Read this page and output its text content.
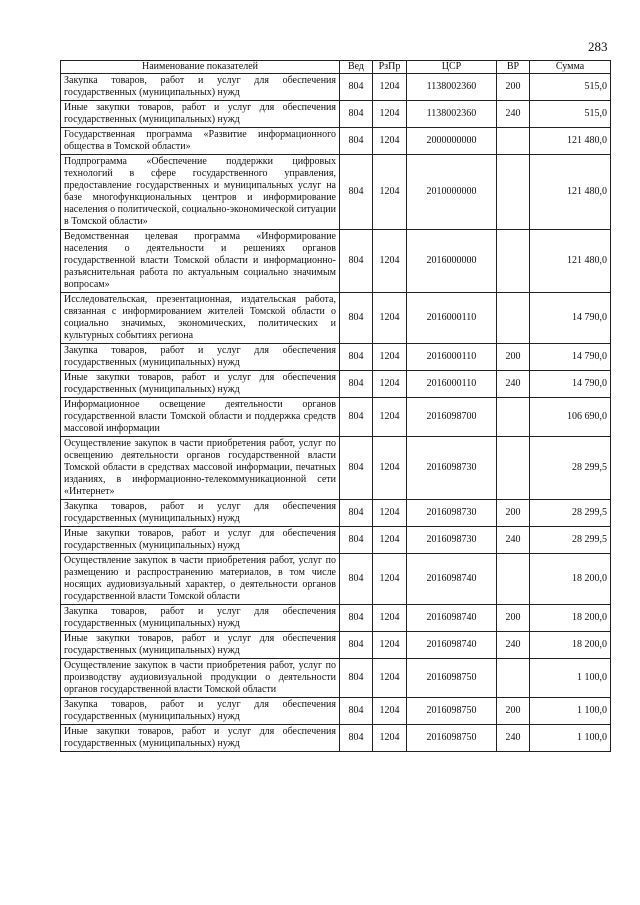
283
Наименование показателей	Вед	РзПр	ЦСР	ВР	Сумма
Закупка товаров, работ и услуг для обеспечения государственных (муниципальных) нужд	804	1204	1138002360	200	515,0
Иные закупки товаров, работ и услуг для обеспечения государственных (муниципальных) нужд	804	1204	1138002360	240	515,0
Государственная программа «Развитие информационного общества в Томской области»	804	1204	2000000000		121 480,0
Подпрограмма «Обеспечение поддержки цифровых технологий в сфере государственного управления, предоставление государственных и муниципальных услуг на базе многофункциональных центров и информирование населения о политической, социально-экономической ситуации в Томской области»	804	1204	2010000000		121 480,0
Ведомственная целевая программа «Информирование населения о деятельности и решениях органов государственной власти Томской области и информационно-разъяснительная работа по актуальным социально значимым вопросам»	804	1204	2016000000		121 480,0
Исследовательская, презентационная, издательская работа, связанная с информированием жителей Томской области о социально значимых, экономических, политических и культурных событиях региона	804	1204	2016000110		14 790,0
Закупка товаров, работ и услуг для обеспечения государственных (муниципальных) нужд	804	1204	2016000110	200	14 790,0
Иные закупки товаров, работ и услуг для обеспечения государственных (муниципальных) нужд	804	1204	2016000110	240	14 790,0
Информационное освещение деятельности органов государственной власти Томской области и поддержка средств массовой информации	804	1204	2016098700		106 690,0
Осуществление закупок в части приобретения работ, услуг по освещению деятельности органов государственной власти Томской области в средствах массовой информации, печатных изданиях, в информационно-телекоммуникационной сети «Интернет»	804	1204	2016098730		28 299,5
Закупка товаров, работ и услуг для обеспечения государственных (муниципальных) нужд	804	1204	2016098730	200	28 299,5
Иные закупки товаров, работ и услуг для обеспечения государственных (муниципальных) нужд	804	1204	2016098730	240	28 299,5
Осуществление закупок в части приобретения работ, услуг по размещению и распространению материалов, в том числе носящих аудиовизуальный характер, о деятельности органов государственной власти Томской области	804	1204	2016098740		18 200,0
Закупка товаров, работ и услуг для обеспечения государственных (муниципальных) нужд	804	1204	2016098740	200	18 200,0
Иные закупки товаров, работ и услуг для обеспечения государственных (муниципальных) нужд	804	1204	2016098740	240	18 200,0
Осуществление закупок в части приобретения работ, услуг по производству аудиовизуальной продукции о деятельности органов государственной власти Томской области	804	1204	2016098750		1 100,0
Закупка товаров, работ и услуг для обеспечения государственных (муниципальных) нужд	804	1204	2016098750	200	1 100,0
Иные закупки товаров, работ и услуг для обеспечения государственных (муниципальных) нужд	804	1204	2016098750	240	1 100,0
